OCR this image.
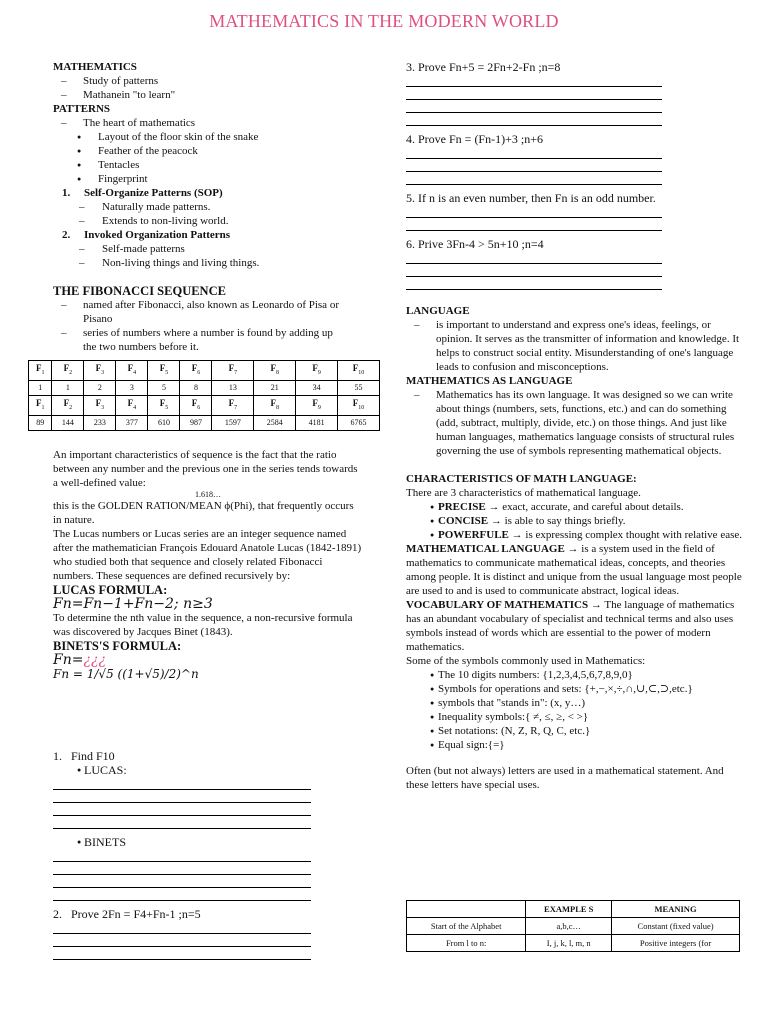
MATHEMATICS IN THE MODERN WORLD
MATHEMATICS
– Study of patterns
– Mathanein "to learn"
PATTERNS
– The heart of mathematics
● Layout of the floor skin of the snake
● Feather of the peacock
● Tentacles
● Fingerprint
1. Self-Organize Patterns (SOP)
– Naturally made patterns.
– Extends to non-living world.
2. Invoked Organization Patterns
– Self-made patterns
– Non-living things and living things.
THE FIBONACCI SEQUENCE
– named after Fibonacci, also known as Leonardo of Pisa or Pisano
– series of numbers where a number is found by adding up the two numbers before it.
$F_1$	$F_2$	$F_3$	$F_4$	$F_5$	$F_6$	$F_7$	$F_8$	$F_9$	$F_{10}$
1	1	2	3	5	8	13	21	34	55
$F_1$	$F_2$	$F_3$	$F_4$	$F_5$	$F_6$	$F_7$	$F_8$	$F_9$	$F_{10}$
89	144	233	377	610	987	1597	2584	4181	6765
An important characteristics of sequence is the fact that the ratio between any number and the previous one in the series tends towards a well-defined value:
1.618…
this is the GOLDEN RATION/MEAN ϕ(Phi), that frequently occurs in nature.
The Lucas numbers or Lucas series are an integer sequence named after the mathematician François Edouard Anatole Lucas (1842-1891) who studied both that sequence and closely related Fibonacci numbers. These sequences are defined recursively by:
LUCAS FORMULA:
Fn=Fn−1+Fn−2; n≥3
To determine the nth value in the sequence, a non-recursive formula was discovered by Jacques Binet (1843).
BINETS'S FORMULA:
Fn=¿¿¿
Fn = 1/√5 ((1+√5)/2)^n
1. Find F10
● LUCAS:
● BINETS
2. Prove 2Fn = F4+Fn-1 ;n=5
3. Prove Fn+5 = 2Fn+2-Fn ;n=8
4. Prove Fn = (Fn-1)+3 ;n+6
5. If n is an even number, then Fn is an odd number.
6. Prive 3Fn-4 > 5n+10 ;n=4
LANGUAGE
– is important to understand and express one's ideas, feelings, or opinion. It serves as the transmitter of information and knowledge. It helps to construct social entity. Misunderstanding of one's language leads to confusion and misconceptions.
MATHEMATICS AS LANGUAGE
– Mathematics has its own language. It was designed so we can write about things (numbers, sets, functions, etc.) and can do something (add, subtract, multiply, divide, etc.) on those things. And just like human languages, mathematics language consists of structural rules governing the use of symbols representing mathematical objects.
CHARACTERISTICS OF MATH LANGUAGE:
There are 3 characteristics of mathematical language.
● PRECISE → exact, accurate, and careful about details.
● CONCISE → is able to say things briefly.
● POWERFULE → is expressing complex thought with relative ease.
MATHEMATICAL LANGUAGE → is a system used in the field of mathematics to communicate mathematical ideas, concepts, and theories among people. It is distinct and unique from the usual language most people are used to and is used to communicate abstract, logical ideas.
VOCABULARY OF MATHEMATICS → The language of mathematics has an abundant vocabulary of specialist and technical terms and also uses symbols instead of words which are essential to the power of modern mathematics.
Some of the symbols commonly used in Mathematics:
● The 10 digits numbers: {1,2,3,4,5,6,7,8,9,0}
● Symbols for operations and sets: {+,−,×,÷,∩,∪,⊂,⊃,etc.}
● symbols that "stands in": (x, y…)
● Inequality symbols:{ ≠, ≤, ≥, < >}
● Set notations: (N, Z, R, Q, C, etc.}
● Equal sign:{=}
Often (but not always) letters are used in a mathematical statement. And these letters have special uses.
	EXAMPLE S	MEANING
Start of the Alphabet	a,b,c…	Constant (fixed value)
From l to n:	I, j, k, l, m, n	Positive integers (for
